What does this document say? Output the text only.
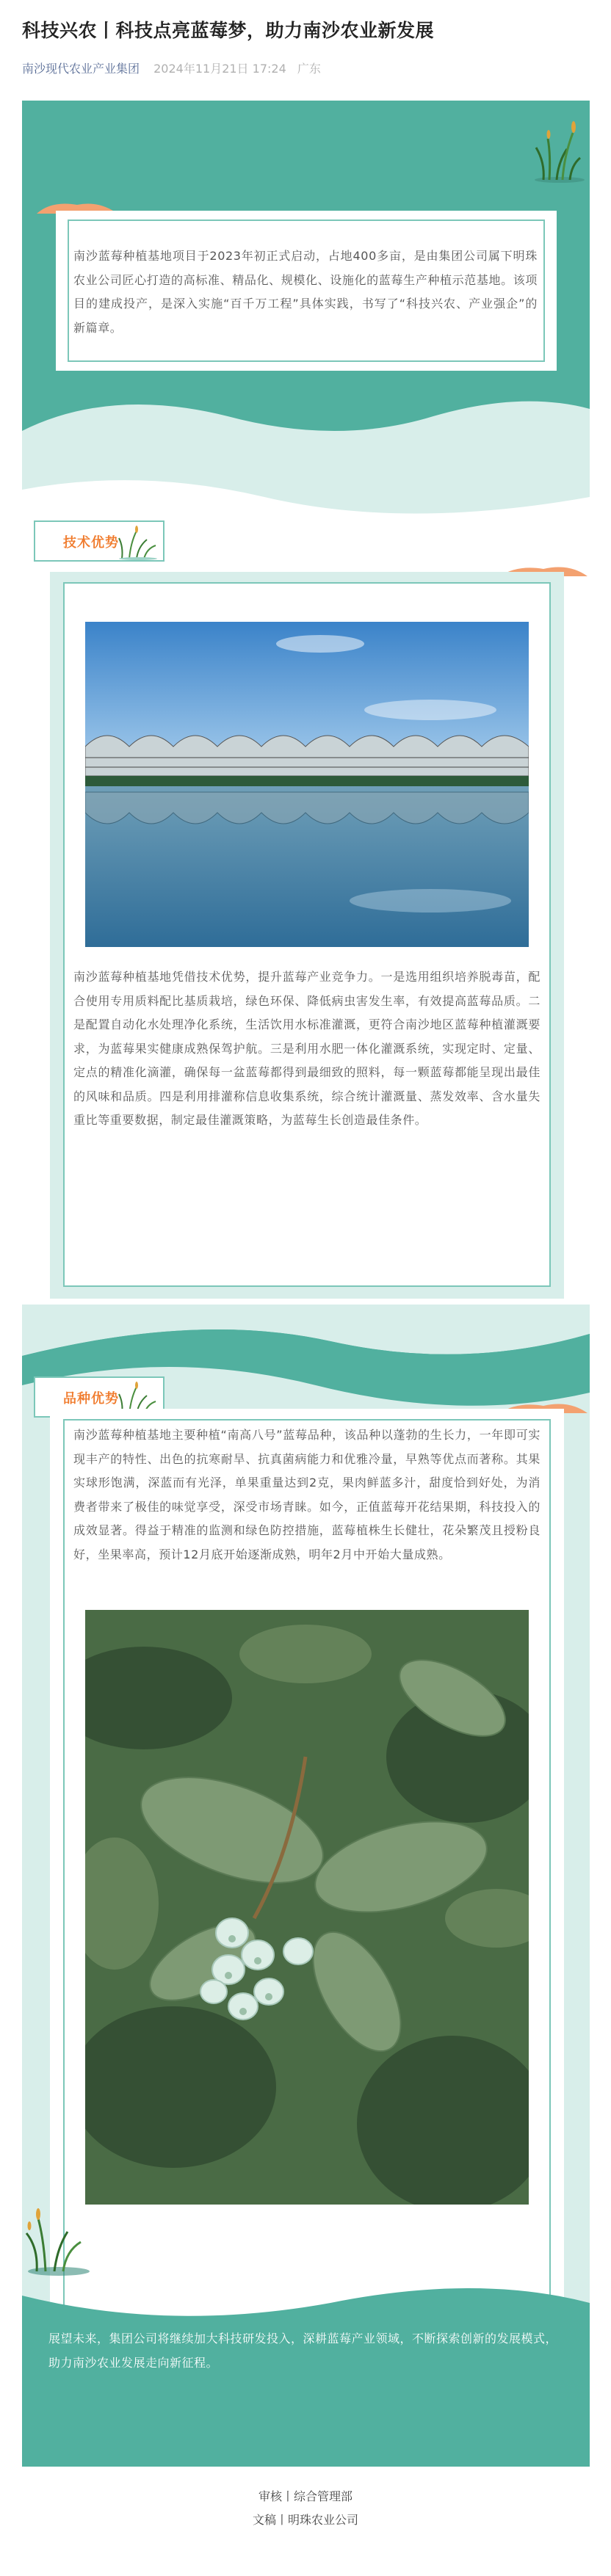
科技兴农丨科技点亮蓝莓梦，助力南沙农业新发展
南沙现代农业产业集团 2024年11月21日 17:24 广东
南沙蓝莓种植基地项目于2023年初正式启动，占地400多亩，是由集团公司属下明珠农业公司匠心打造的高标准、精品化、规模化、设施化的蓝莓生产种植示范基地。该项目的建成投产，是深入实施“百千万工程”具体实践，书写了“科技兴农、产业强企”的新篇章。
技术优势
南沙蓝莓种植基地凭借技术优势，提升蓝莓产业竞争力。一是选用组织培养脱毒苗，配合使用专用质料配比基质栽培，绿色环保、降低病虫害发生率，有效提高蓝莓品质。二是配置自动化水处理净化系统，生活饮用水标准灌溉，更符合南沙地区蓝莓种植灌溉要求，为蓝莓果实健康成熟保驾护航。三是利用水肥一体化灌溉系统，实现定时、定量、定点的精准化滴灌，确保每一盆蓝莓都得到最细致的照料，每一颗蓝莓都能呈现出最佳的风味和品质。四是利用排灌称信息收集系统，综合统计灌溉量、蒸发效率、含水量失重比等重要数据，制定最佳灌溉策略，为蓝莓生长创造最佳条件。
品种优势
南沙蓝莓种植基地主要种植“南高八号”蓝莓品种，该品种以蓬勃的生长力，一年即可实现丰产的特性、出色的抗寒耐旱、抗真菌病能力和优雅冷量，早熟等优点而著称。其果实球形饱满，深蓝而有光泽，单果重量达到2克，果肉鲜蓝多汁，甜度恰到好处，为消费者带来了极佳的味觉享受，深受市场青睐。如今，正值蓝莓开花结果期，科技投入的成效显著。得益于精准的监测和绿色防控措施，蓝莓植株生长健壮，花朵繁茂且授粉良好，坐果率高，预计12月底开始逐渐成熟，明年2月中开始大量成熟。
展望未来，集团公司将继续加大科技研发投入，深耕蓝莓产业领域，不断探索创新的发展模式，助力南沙农业发展走向新征程。
审核丨综合管理部
文稿丨明珠农业公司
